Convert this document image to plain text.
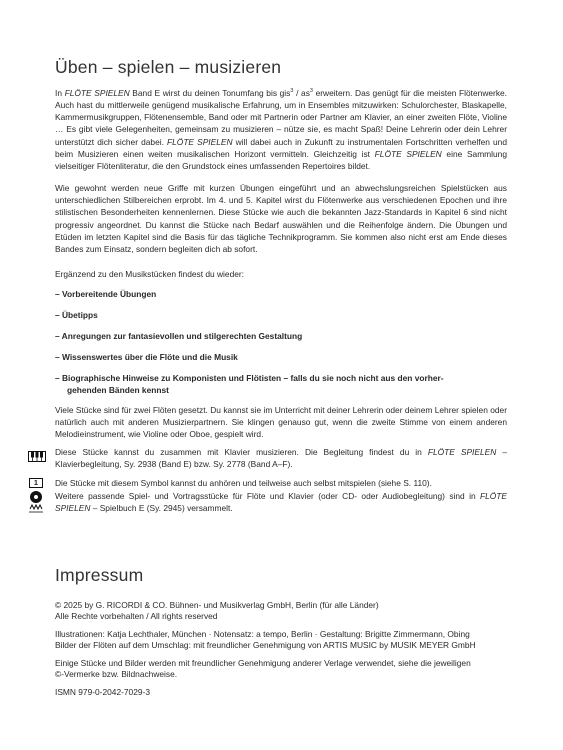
Üben – spielen – musizieren

In FLÖTE SPIELEN Band E wirst du deinen Tonumfang bis $gis^3 / as^3$ erweitern. Das genügt für die meisten Flötenwerke. Auch hast du mittlerweile genügend musikalische Erfahrung, um in Ensembles mitzuwirken: Schulorchester, Blaskapelle, Kammermusikgruppen, Flötenensemble, Band oder mit Partnerin oder Partner am Klavier, an einer zweiten Flöte, Violine … Es gibt viele Gelegenheiten, gemeinsam zu musizieren – nütze sie, es macht Spaß! Deine Lehrerin oder dein Lehrer unterstützt dich sicher dabei. FLÖTE SPIELEN will dabei auch in Zukunft zu instrumentalen Fortschritten verhelfen und beim Musizieren einen weiten musikalischen Horizont vermitteln. Gleichzeitig ist FLÖTE SPIELEN eine Sammlung vielseitiger Flötenliteratur, die den Grundstock eines umfassenden Repertoires bildet.

Wie gewohnt werden neue Griffe mit kurzen Übungen eingeführt und an abwechslungsreichen Spielstücken aus unterschiedlichen Stilbereichen erprobt. Im 4. und 5. Kapitel wirst du Flötenwerke aus verschiedenen Epochen und ihre stilistischen Besonderheiten kennenlernen. Diese Stücke wie auch die bekannten Jazz-Standards in Kapitel 6 sind nicht progressiv angeordnet. Du kannst die Stücke nach Bedarf auswählen und die Reihenfolge ändern. Die Übungen und Etüden im letzten Kapitel sind die Basis für das tägliche Technikprogramm. Sie kommen also nicht erst am Ende dieses Bandes zum Einsatz, sondern begleiten dich ab sofort.

Ergänzend zu den Musikstücken findest du wieder:

– Vorbereitende Übungen
– Übetipps
– Anregungen zur fantasievollen und stilgerechten Gestaltung
– Wissenswertes über die Flöte und die Musik
– Biographische Hinweise zu Komponisten und Flötisten – falls du sie noch nicht aus den vorher-
gehenden Bänden kennst

Viele Stücke sind für zwei Flöten gesetzt. Du kannst sie im Unterricht mit deiner Lehrerin oder deinem Lehrer spielen oder natürlich auch mit anderen Musizierpartnern. Sie klingen genauso gut, wenn die zweite Stimme von einem anderen Melodieinstrument, wie Violine oder Oboe, gespielt wird.

Diese Stücke kannst du zusammen mit Klavier musizieren. Die Begleitung findest du in FLÖTE SPIELEN – Klavierbegleitung, Sy. 2938 (Band E) bzw. Sy. 2778 (Band A–F).

1	Die Stücke mit diesem Symbol kannst du anhören und teilweise auch selbst mitspielen (siehe S. 110).

Weitere passende Spiel- und Vortragsstücke für Flöte und Klavier (oder CD- oder Audiobegleitung) sind in FLÖTE SPIELEN – Spielbuch E (Sy. 2945) versammelt.

Impressum
© 2025 by G. RICORDI & CO. Bühnen- und Musikverlag GmbH, Berlin (für alle Länder)
Alle Rechte vorbehalten / All rights reserved
Illustrationen: Katja Lechthaler, München · Notensatz: a tempo, Berlin · Gestaltung: Brigitte Zimmermann, Obing
Bilder der Flöten auf dem Umschlag: mit freundlicher Genehmigung von ARTIS MUSIC by MUSIK MEYER GmbH
Einige Stücke und Bilder werden mit freundlicher Genehmigung anderer Verlage verwendet, siehe die jeweiligen
©-Vermerke bzw. Bildnachweise.
ISMN 979-0-2042-7029-3
